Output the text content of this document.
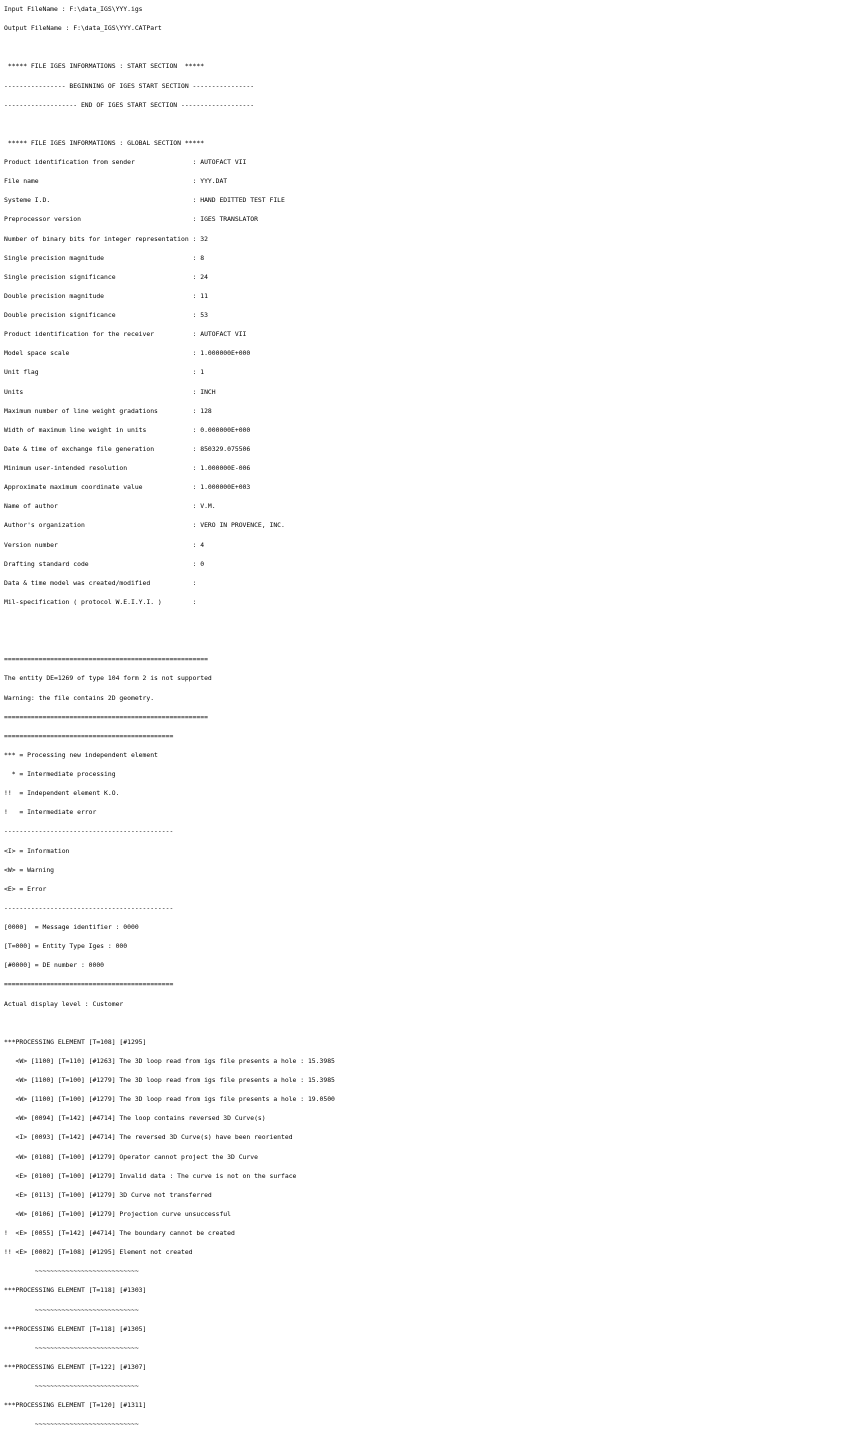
Input FileName : F:\data_IGS\YYY.igs
Output FileName : F:\data_IGS\YYY.CATPart
***** FILE IGES INFORMATIONS : START SECTION  *****
---------------- BEGINNING OF IGES START SECTION ----------------
------------------- END OF IGES START SECTION -------------------
***** FILE IGES INFORMATIONS : GLOBAL SECTION *****
Product identification from sender               : AUTOFACT VII
File name                                        : YYY.DAT
Systeme I.D.                                     : HAND EDITTED TEST FILE
Preprocessor version                             : IGES TRANSLATOR
Number of binary bits for integer representation : 32
Single precision magnitude                       : 8
Single precision significance                    : 24
Double precision magnitude                       : 11
Double precision significance                    : 53
Product identification for the receiver          : AUTOFACT VII
Model space scale                                : 1.000000E+000
Unit flag                                        : 1
Units                                            : INCH
Maximum number of line weight gradations         : 128
Width of maximum line weight in units            : 0.000000E+000
Date & time of exchange file generation          : 850329.075506
Minimum user-intended resolution                 : 1.000000E-006
Approximate maximum coordinate value             : 1.000000E+003
Name of author                                   : V.M.
Author's organization                            : VERO IN PROVENCE, INC.
Version number                                   : 4
Drafting standard code                           : 0
Data & time model was created/modified           :
Mil-specification ( protocol W.E.I.Y.I. )        :
=====================================================
The entity DE=1269 of type 104 form 2 is not supported
Warning: the file contains 2D geometry.
=====================================================
============================================
*** = Processing new independent element
* = Intermediate processing
!!  = Independent element K.O.
!   = Intermediate error
--------------------------------------------
<I> = Information
<W> = Warning
<E> = Error
--------------------------------------------
[0000]  = Message identifier : 0000
[T=000] = Entity Type Iges : 000
[#0000] = DE number : 0000
============================================
Actual display level : Customer
***PROCESSING ELEMENT [T=108] [#1295]
<W> [1100] [T=110] [#1263] The 3D loop read from igs file presents a hole : 15.3985
<W> [1100] [T=100] [#1279] The 3D loop read from igs file presents a hole : 15.3985
<W> [1100] [T=100] [#1279] The 3D loop read from igs file presents a hole : 19.0500
<W> [0094] [T=142] [#4714] The loop contains reversed 3D Curve(s)
<I> [0093] [T=142] [#4714] The reversed 3D Curve(s) have been reoriented
<W> [0108] [T=100] [#1279] Operator cannot project the 3D Curve
<E> [0100] [T=100] [#1279] Invalid data : The curve is not on the surface
<E> [0113] [T=100] [#1279] 3D Curve not transferred
<W> [0106] [T=100] [#1279] Projection curve unsuccessful
!  <E> [0055] [T=142] [#4714] The boundary cannot be created
!! <E> [0002] [T=108] [#1295] Element not created
~~~~~~~~~~~~~~~~~~~~~~~~~~~
***PROCESSING ELEMENT [T=118] [#1303]
~~~~~~~~~~~~~~~~~~~~~~~~~~~
***PROCESSING ELEMENT [T=118] [#1305]
~~~~~~~~~~~~~~~~~~~~~~~~~~~
***PROCESSING ELEMENT [T=122] [#1307]
~~~~~~~~~~~~~~~~~~~~~~~~~~~
***PROCESSING ELEMENT [T=120] [#1311]
~~~~~~~~~~~~~~~~~~~~~~~~~~~
